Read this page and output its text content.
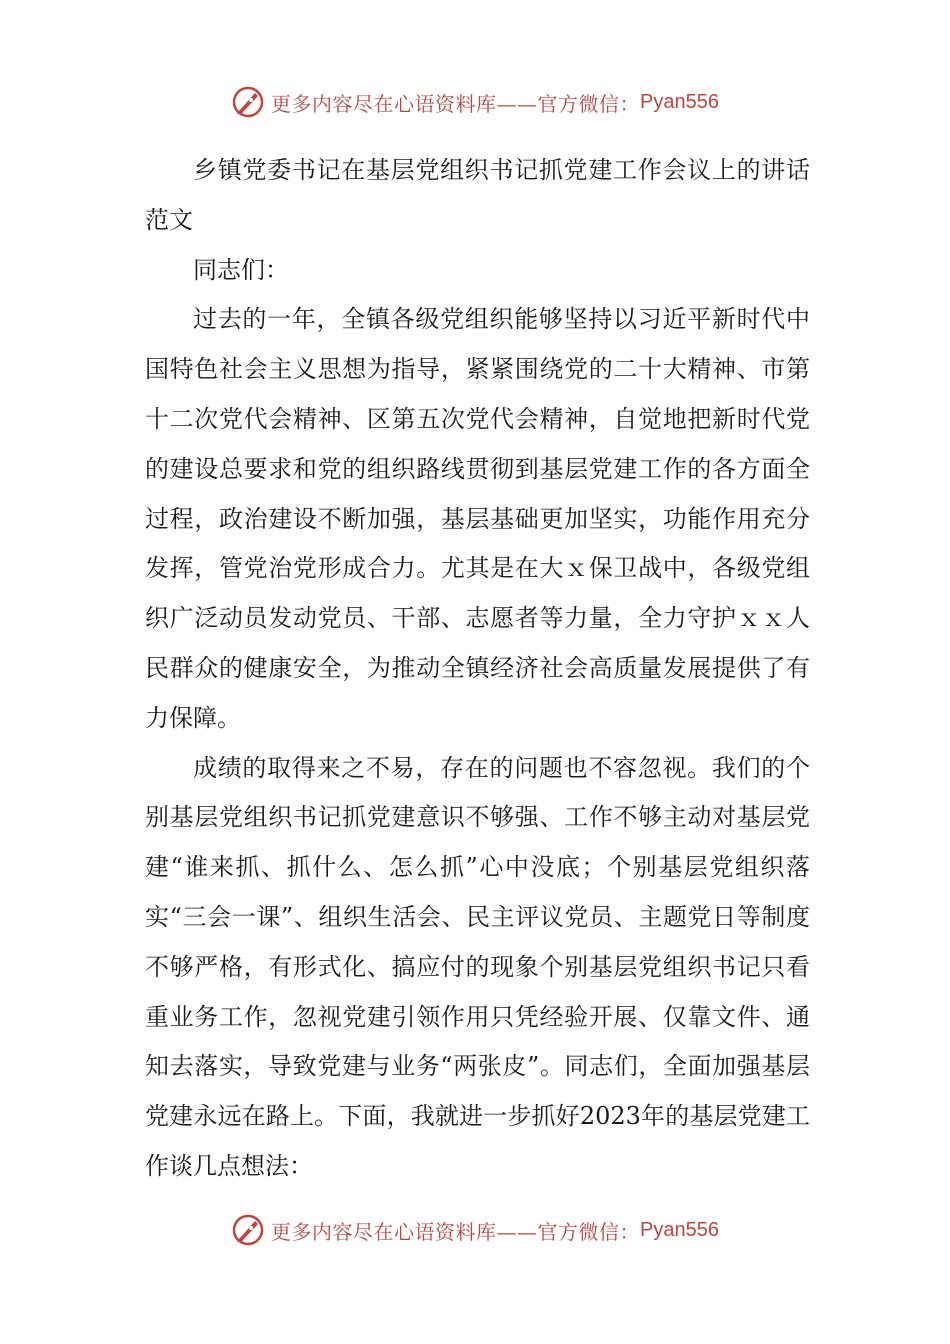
更多内容尽在心语资料库——官方微信： Pyan556

乡镇党委书记在基层党组织书记抓党建工作会议上的讲话范文

同志们：

过去的一年，全镇各级党组织能够坚持以习近平新时代中国特色社会主义思想为指导，紧紧围绕党的二十大精神、市第十二次党代会精神、区第五次党代会精神，自觉地把新时代党的建设总要求和党的组织路线贯彻到基层党建工作的各方面全过程，政治建设不断加强，基层基础更加坚实，功能作用充分发挥，管党治党形成合力。尤其是在大ｘ保卫战中，各级党组织广泛动员发动党员、干部、志愿者等力量，全力守护ｘｘ人民群众的健康安全，为推动全镇经济社会高质量发展提供了有力保障。

成绩的取得来之不易，存在的问题也不容忽视。我们的个别基层党组织书记抓党建意识不够强、工作不够主动对基层党建“谁来抓、抓什么、怎么抓”心中没底；个别基层党组织落实“三会一课”、组织生活会、民主评议党员、主题党日等制度不够严格，有形式化、搞应付的现象个别基层党组织书记只看重业务工作，忽视党建引领作用只凭经验开展、仅靠文件、通知去落实，导致党建与业务“两张皮”。同志们，全面加强基层党建永远在路上。下面，我就进一步抓好2023年的基层党建工作谈几点想法：

更多内容尽在心语资料库——官方微信： Pyan556
